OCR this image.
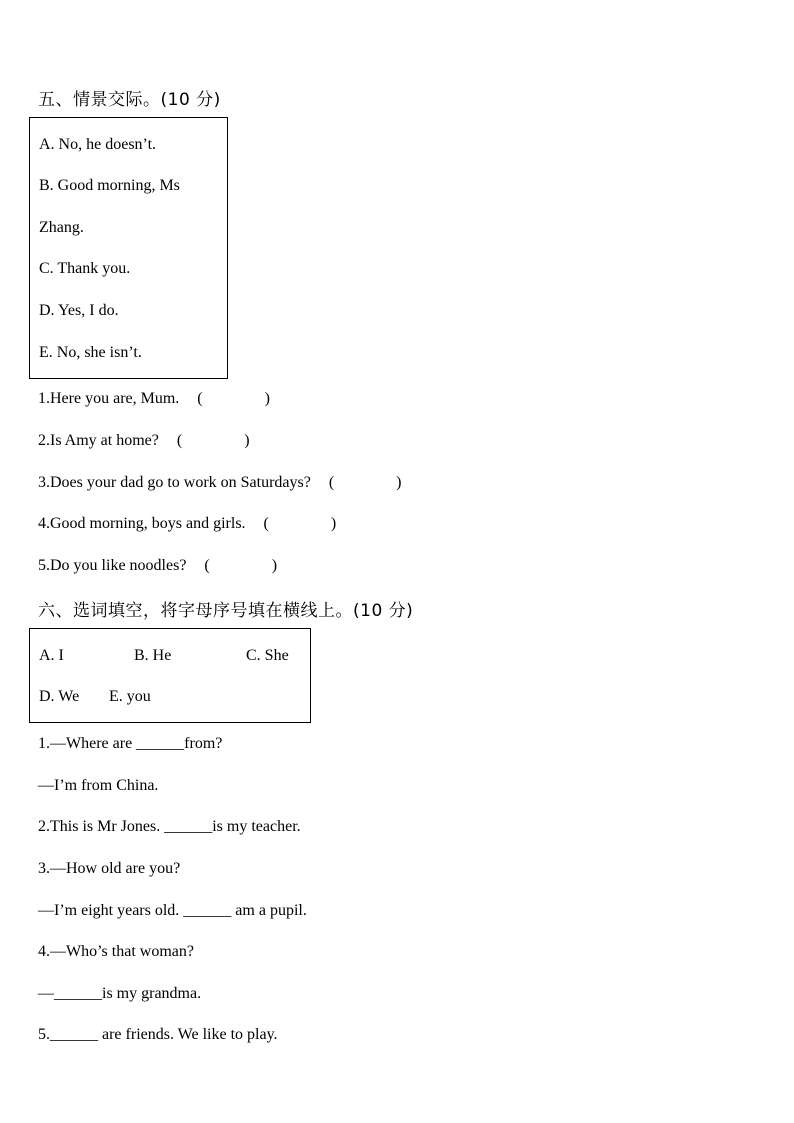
五、情景交际。(10 分)
A. No, he doesn’t.
B. Good morning, Ms
Zhang.
C. Thank you.
D. Yes, I do.
E. No, she isn’t.
1.Here you are, Mum. (	)
2.Is Amy at home? (	)
3.Does your dad go to work on Saturdays? (	)
4.Good morning, boys and girls. (	)
5.Do you like noodles? (	)
六、选词填空，将字母序号填在横线上。(10 分)
A. I	B. He	C. She
D. We E. you
1.—Where are ______from?
—I’m from China.
2.This is Mr Jones. ______is my teacher.
3.—How old are you?
—I’m eight years old. ______ am a pupil.
4.—Who’s that woman?
—______is my grandma.
5.______ are friends. We like to play.
